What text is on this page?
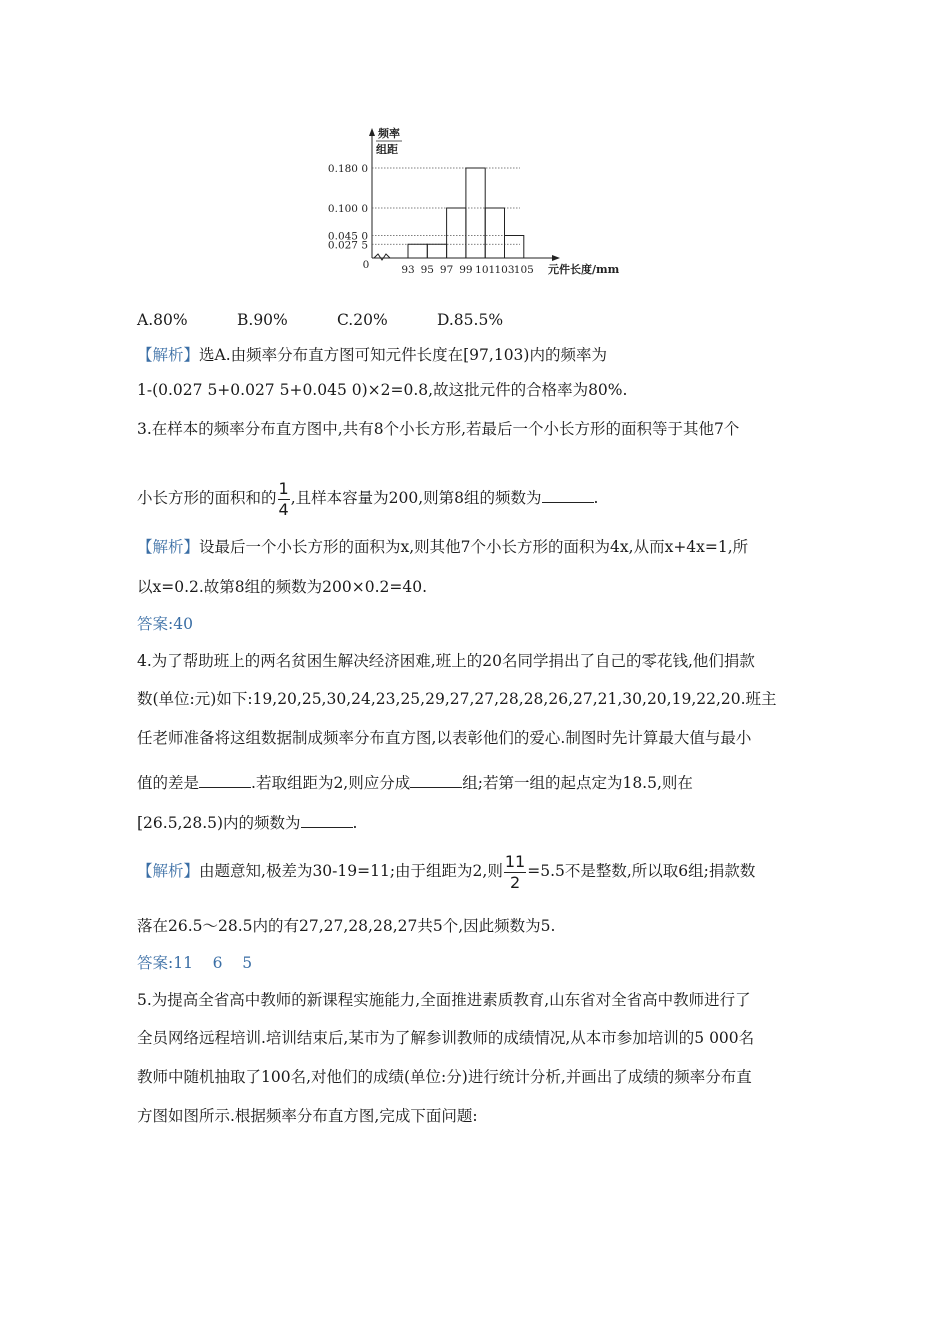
0.180 0
0.100 0
0.045 0
0.027 5
93 95 97 99 101 103 105
0
频率
组距
元件长度/mm
A.80%	B.90%	C.20%	D.85.5%
【解析】选A.由频率分布直方图可知元件长度在[97,103)内的频率为
1-(0.027 5+0.027 5+0.045 0)×2=0.8,故这批元件的合格率为80%.
3.在样本的频率分布直方图中,共有8个小长方形,若最后一个小长方形的面积等于其他7个
小长方形的面积和的 $\frac{1}{4}$ ,且样本容量为200,则第8组的频数为	.
【解析】设最后一个小长方形的面积为x,则其他7个小长方形的面积为4x,从而x+4x=1,所
以x=0.2.故第8组的频数为200×0.2=40.
答案:40
4.为了帮助班上的两名贫困生解决经济困难,班上的20名同学捐出了自己的零花钱,他们捐款
数(单位:元)如下:19,20,25,30,24,23,25,29,27,27,28,28,26,27,21,30,20,19,22,20.班主
任老师准备将这组数据制成频率分布直方图,以表彰他们的爱心.制图时先计算最大值与最小
值的差是	.若取组距为2,则应分成	组;若第一组的起点定为18.5,则在
[26.5,28.5)内的频数为	.
【解析】由题意知,极差为30-19=11;由于组距为2,则 $\frac{11}{2} =5.5$不是整数,所以取6组;捐款数
落在26.5～28.5内的有27,27,28,28,27共5个,因此频数为5.
答案:11    6    5
5.为提高全省高中教师的新课程实施能力,全面推进素质教育,山东省对全省高中教师进行了
全员网络远程培训.培训结束后,某市为了解参训教师的成绩情况,从本市参加培训的5 000名
教师中随机抽取了100名,对他们的成绩(单位:分)进行统计分析,并画出了成绩的频率分布直
方图如图所示.根据频率分布直方图,完成下面问题:
